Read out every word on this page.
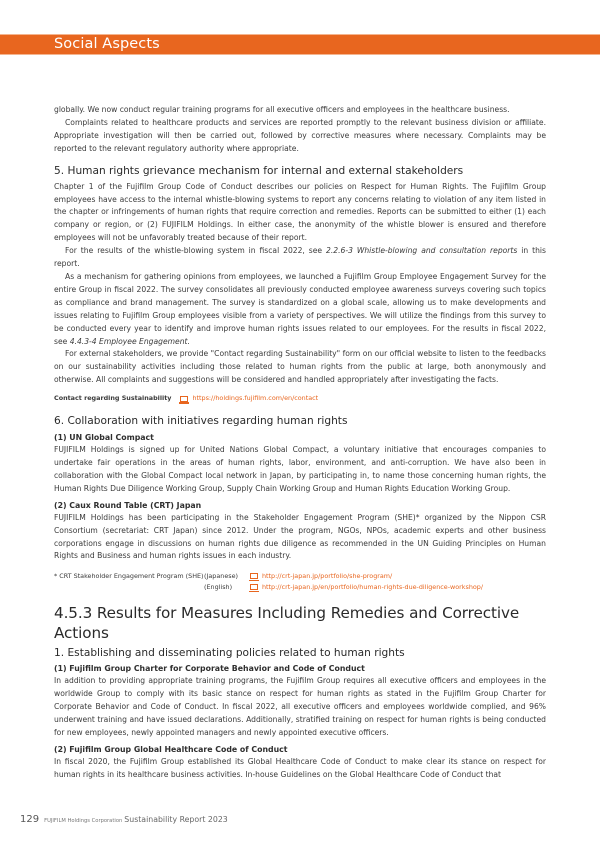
Social Aspects

globally. We now conduct regular training programs for all executive officers and employees in the healthcare business.

Complaints related to healthcare products and services are reported promptly to the relevant business division or affiliate. Appropriate investigation will then be carried out, followed by corrective measures where necessary. Complaints may be reported to the relevant regulatory authority where appropriate.

5. Human rights grievance mechanism for internal and external stakeholders

Chapter 1 of the Fujifilm Group Code of Conduct describes our policies on Respect for Human Rights. The Fujifilm Group employees have access to the internal whistle-blowing systems to report any concerns relating to violation of any item listed in the chapter or infringements of human rights that require correction and remedies. Reports can be submitted to either (1) each company or region, or (2) FUJIFILM Holdings. In either case, the anonymity of the whistle blower is ensured and therefore employees will not be unfavorably treated because of their report.

For the results of the whistle-blowing system in fiscal 2022, see 2.2.6-3 Whistle-blowing and consultation reports in this report.

As a mechanism for gathering opinions from employees, we launched a Fujifilm Group Employee Engagement Survey for the entire Group in fiscal 2022. The survey consolidates all previously conducted employee awareness surveys covering such topics as compliance and brand management. The survey is standardized on a global scale, allowing us to make developments and issues relating to Fujifilm Group employees visible from a variety of perspectives. We will utilize the findings from this survey to be conducted every year to identify and improve human rights issues related to our employees. For the results in fiscal 2022, see 4.4.3-4 Employee Engagement.

For external stakeholders, we provide "Contact regarding Sustainability" form on our official website to listen to the feedbacks on our sustainability activities including those related to human rights from the public at large, both anonymously and otherwise. All complaints and suggestions will be considered and handled appropriately after investigating the facts.

Contact regarding Sustainability	https://holdings.fujifilm.com/en/contact
6. Collaboration with initiatives regarding human rights
(1) UN Global Compact

FUJIFILM Holdings is signed up for United Nations Global Compact, a voluntary initiative that encourages companies to undertake fair operations in the areas of human rights, labor, environment, and anti-corruption. We have also been in collaboration with the Global Compact local network in Japan, by participating in, to name those concerning human rights, the Human Rights Due Diligence Working Group, Supply Chain Working Group and Human Rights Education Working Group.

(2) Caux Round Table (CRT) Japan

FUJIFILM Holdings has been participating in the Stakeholder Engagement Program (SHE)* organized by the Nippon CSR Consortium (secretariat: CRT Japan) since 2012. Under the program, NGOs, NPOs, academic experts and other business corporations engage in discussions on human rights due diligence as recommended in the UN Guiding Principles on Human Rights and Business and human rights issues in each industry.

* CRT Stakeholder Engagement Program (SHE) (Japanese)	http://crt-japan.jp/portfolio/she-program/
(English)	http://crt-japan.jp/en/portfolio/human-rights-due-diligence-workshop/
4.5.3 Results for Measures Including Remedies and Corrective Actions
1. Establishing and disseminating policies related to human rights
(1) Fujifilm Group Charter for Corporate Behavior and Code of Conduct

In addition to providing appropriate training programs, the Fujifilm Group requires all executive officers and employees in the worldwide Group to comply with its basic stance on respect for human rights as stated in the Fujifilm Group Charter for Corporate Behavior and Code of Conduct. In fiscal 2022, all executive officers and employees worldwide complied, and 96% underwent training and have issued declarations. Additionally, stratified training on respect for human rights is being conducted for new employees, newly appointed managers and newly appointed executive officers.

(2) Fujifilm Group Global Healthcare Code of Conduct

In fiscal 2020, the Fujifilm Group established its Global Healthcare Code of Conduct to make clear its stance on respect for human rights in its healthcare business activities. In-house Guidelines on the Global Healthcare Code of Conduct that

129 FUJIFILM Holdings Corporation Sustainability Report 2023
